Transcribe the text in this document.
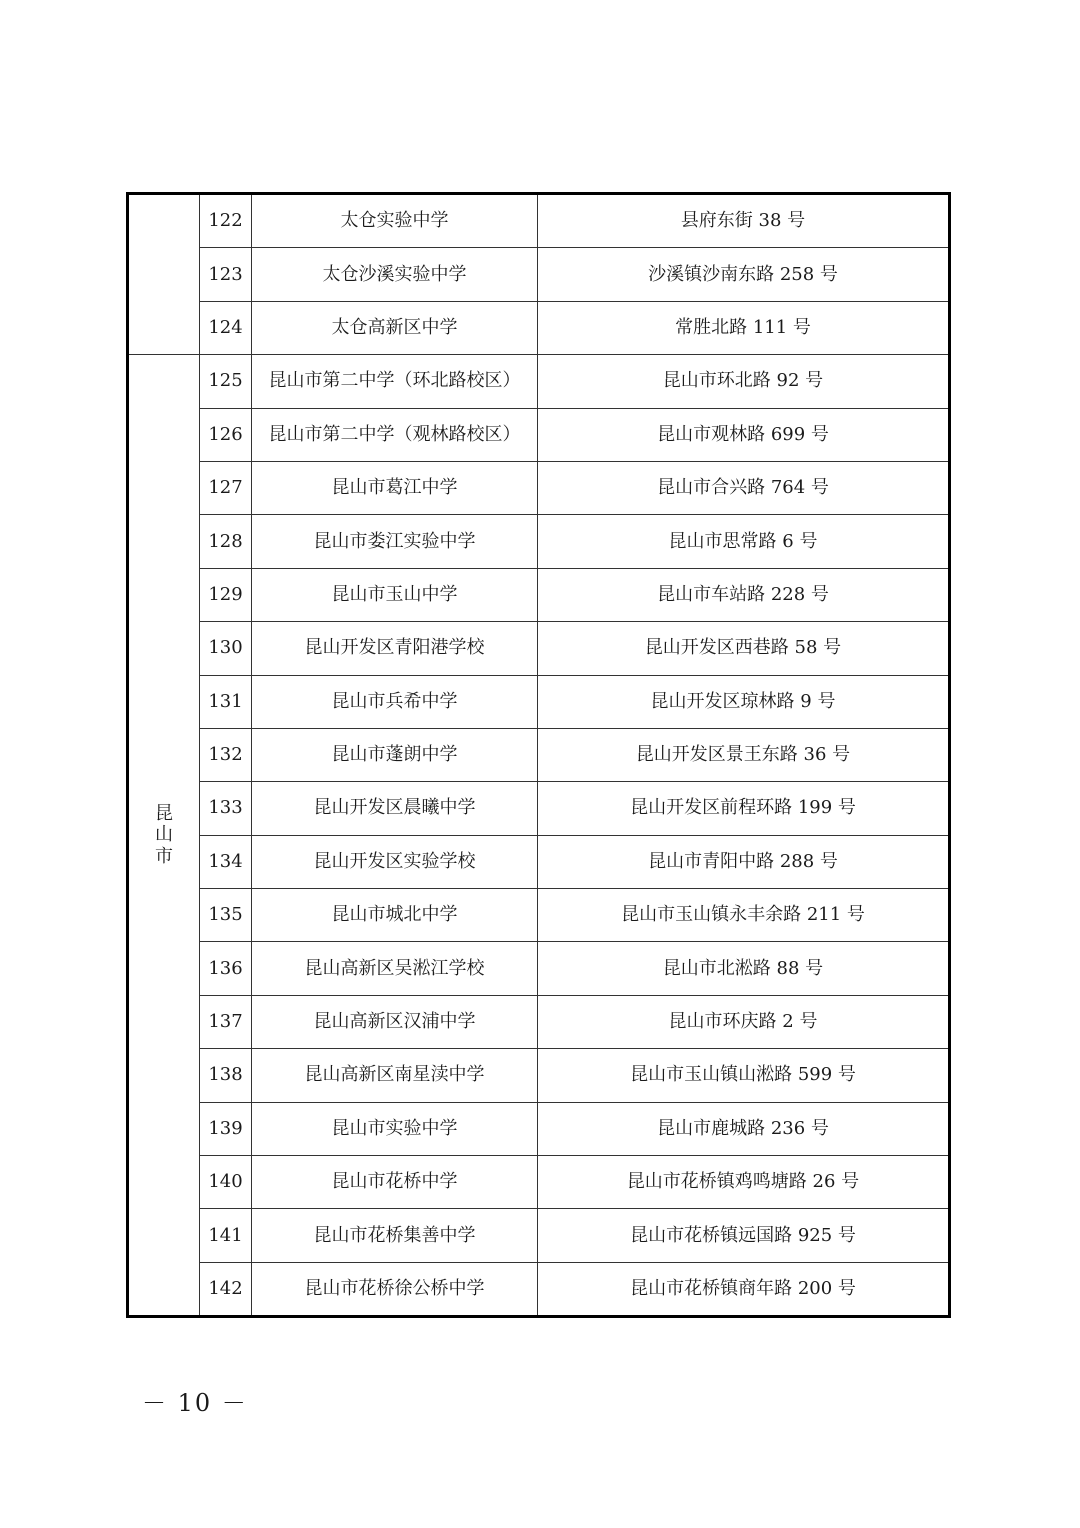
	122	太仓实验中学	县府东街 38 号
	123	太仓沙溪实验中学	沙溪镇沙南东路 258 号
	124	太仓高新区中学	常胜北路 111 号
昆山市	125	昆山市第二中学（环北路校区）	昆山市环北路 92 号
	126	昆山市第二中学（观林路校区）	昆山市观林路 699 号
	127	昆山市葛江中学	昆山市合兴路 764 号
	128	昆山市娄江实验中学	昆山市思常路 6 号
	129	昆山市玉山中学	昆山市车站路 228 号
	130	昆山开发区青阳港学校	昆山开发区西巷路 58 号
	131	昆山市兵希中学	昆山开发区琼林路 9 号
	132	昆山市蓬朗中学	昆山开发区景王东路 36 号
	133	昆山开发区晨曦中学	昆山开发区前程环路 199 号
	134	昆山开发区实验学校	昆山市青阳中路 288 号
	135	昆山市城北中学	昆山市玉山镇永丰余路 211 号
	136	昆山高新区吴淞江学校	昆山市北淞路 88 号
	137	昆山高新区汉浦中学	昆山市环庆路 2 号
	138	昆山高新区南星渎中学	昆山市玉山镇山淞路 599 号
	139	昆山市实验中学	昆山市鹿城路 236 号
	140	昆山市花桥中学	昆山市花桥镇鸡鸣塘路 26 号
	141	昆山市花桥集善中学	昆山市花桥镇远国路 925 号
	142	昆山市花桥徐公桥中学	昆山市花桥镇商年路 200 号
－ 10 －
